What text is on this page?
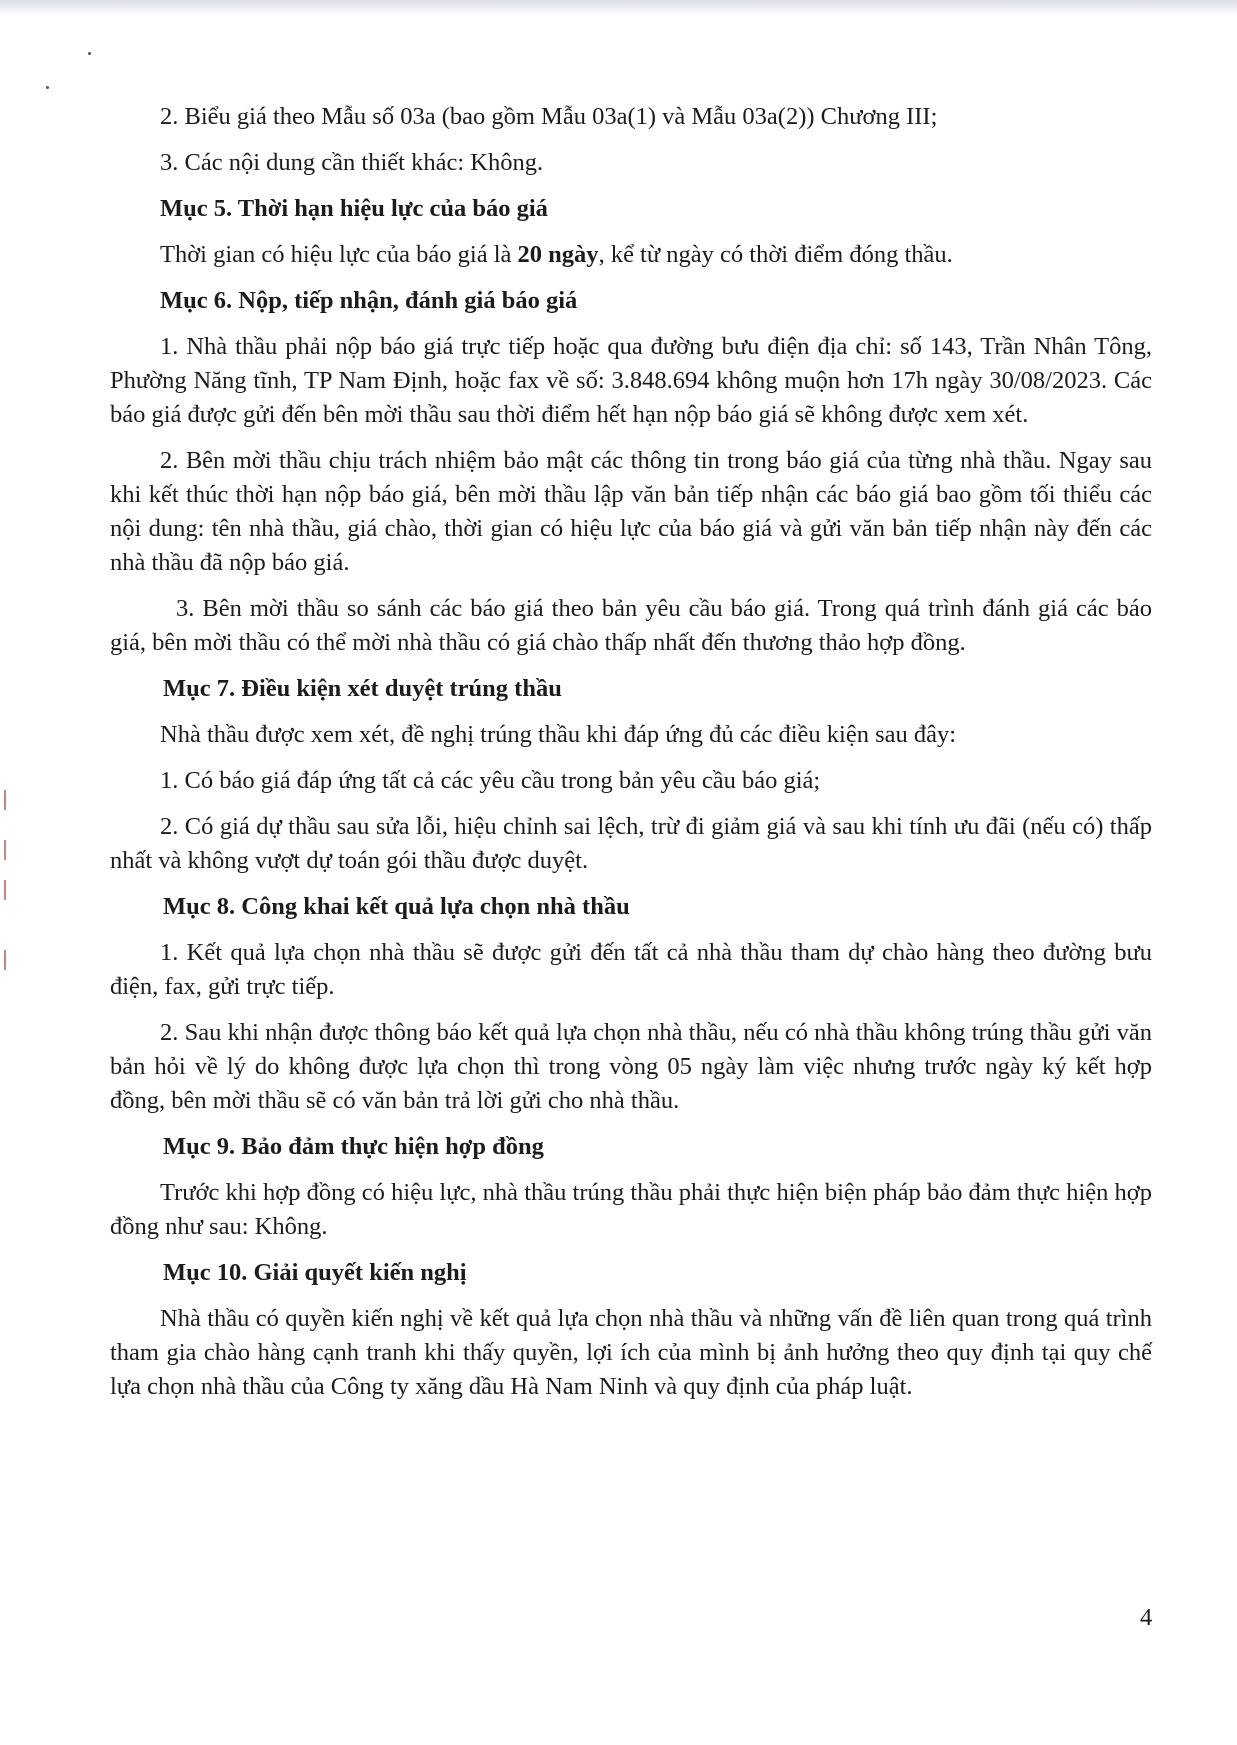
2. Biểu giá theo Mẫu số 03a (bao gồm Mẫu 03a(1) và Mẫu 03a(2)) Chương III;

3. Các nội dung cần thiết khác: Không.

Mục 5. Thời hạn hiệu lực của báo giá

Thời gian có hiệu lực của báo giá là 20 ngày, kể từ ngày có thời điểm đóng thầu.

Mục 6. Nộp, tiếp nhận, đánh giá báo giá

1. Nhà thầu phải nộp báo giá trực tiếp hoặc qua đường bưu điện địa chỉ: số 143, Trần Nhân Tông, Phường Năng tĩnh, TP Nam Định, hoặc fax về số: 3.848.694 không muộn hơn 17h ngày 30/08/2023. Các báo giá được gửi đến bên mời thầu sau thời điểm hết hạn nộp báo giá sẽ không được xem xét.

2. Bên mời thầu chịu trách nhiệm bảo mật các thông tin trong báo giá của từng nhà thầu. Ngay sau khi kết thúc thời hạn nộp báo giá, bên mời thầu lập văn bản tiếp nhận các báo giá bao gồm tối thiểu các nội dung: tên nhà thầu, giá chào, thời gian có hiệu lực của báo giá và gửi văn bản tiếp nhận này đến các nhà thầu đã nộp báo giá.

3. Bên mời thầu so sánh các báo giá theo bản yêu cầu báo giá. Trong quá trình đánh giá các báo giá, bên mời thầu có thể mời nhà thầu có giá chào thấp nhất đến thương thảo hợp đồng.

Mục 7. Điều kiện xét duyệt trúng thầu

Nhà thầu được xem xét, đề nghị trúng thầu khi đáp ứng đủ các điều kiện sau đây:

1. Có báo giá đáp ứng tất cả các yêu cầu trong bản yêu cầu báo giá;

2. Có giá dự thầu sau sửa lỗi, hiệu chỉnh sai lệch, trừ đi giảm giá và sau khi tính ưu đãi (nếu có) thấp nhất và không vượt dự toán gói thầu được duyệt.

Mục 8. Công khai kết quả lựa chọn nhà thầu

1. Kết quả lựa chọn nhà thầu sẽ được gửi đến tất cả nhà thầu tham dự chào hàng theo đường bưu điện, fax, gửi trực tiếp.

2. Sau khi nhận được thông báo kết quả lựa chọn nhà thầu, nếu có nhà thầu không trúng thầu gửi văn bản hỏi về lý do không được lựa chọn thì trong vòng 05 ngày làm việc nhưng trước ngày ký kết hợp đồng, bên mời thầu sẽ có văn bản trả lời gửi cho nhà thầu.

Mục 9. Bảo đảm thực hiện hợp đồng

Trước khi hợp đồng có hiệu lực, nhà thầu trúng thầu phải thực hiện biện pháp bảo đảm thực hiện hợp đồng như sau: Không.

Mục 10. Giải quyết kiến nghị

Nhà thầu có quyền kiến nghị về kết quả lựa chọn nhà thầu và những vấn đề liên quan trong quá trình tham gia chào hàng cạnh tranh khi thấy quyền, lợi ích của mình bị ảnh hưởng theo quy định tại quy chế lựa chọn nhà thầu của Công ty xăng dầu Hà Nam Ninh và quy định của pháp luật.

4
